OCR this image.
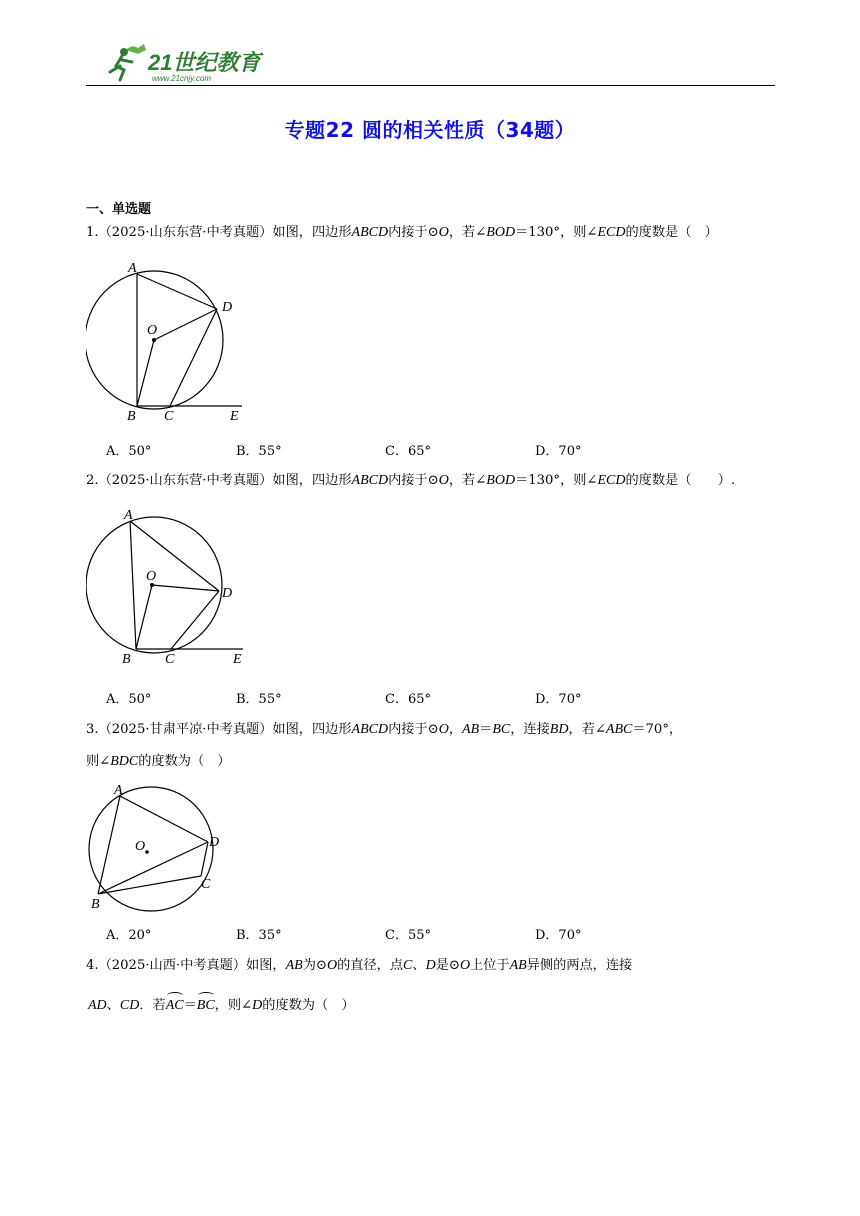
21世纪教育
www.21cnjy.com
专题22 圆的相关性质（34题）
一、单选题
1.（2025·山东东营·中考真题）如图，四边形ABCD内接于⊙O，若∠BOD＝130°，则∠ECD的度数是（　）
A
D
O
B C	E
A．50°	B．55°	C．65°	D．70°
2.（2025·山东东营·中考真题）如图，四边形ABCD内接于⊙O，若∠BOD＝130°，则∠ECD的度数是（　　）.
A
O
D
B C	E
A．50°	B．55°	C．65°	D．70°
3.（2025·甘肃平凉·中考真题）如图，四边形ABCD内接于⊙O，AB＝BC，连接BD，若∠ABC＝70°，
则∠BDC的度数为（　）
A
O	D
C
B
A．20°	B．35°	C．55°	D．70°
4.（2025·山西·中考真题）如图，AB为⊙O的直径，点C、D是⊙O上位于AB异侧的两点，连接
AD、CD．若AC＝BC，则∠D的度数为（　）
